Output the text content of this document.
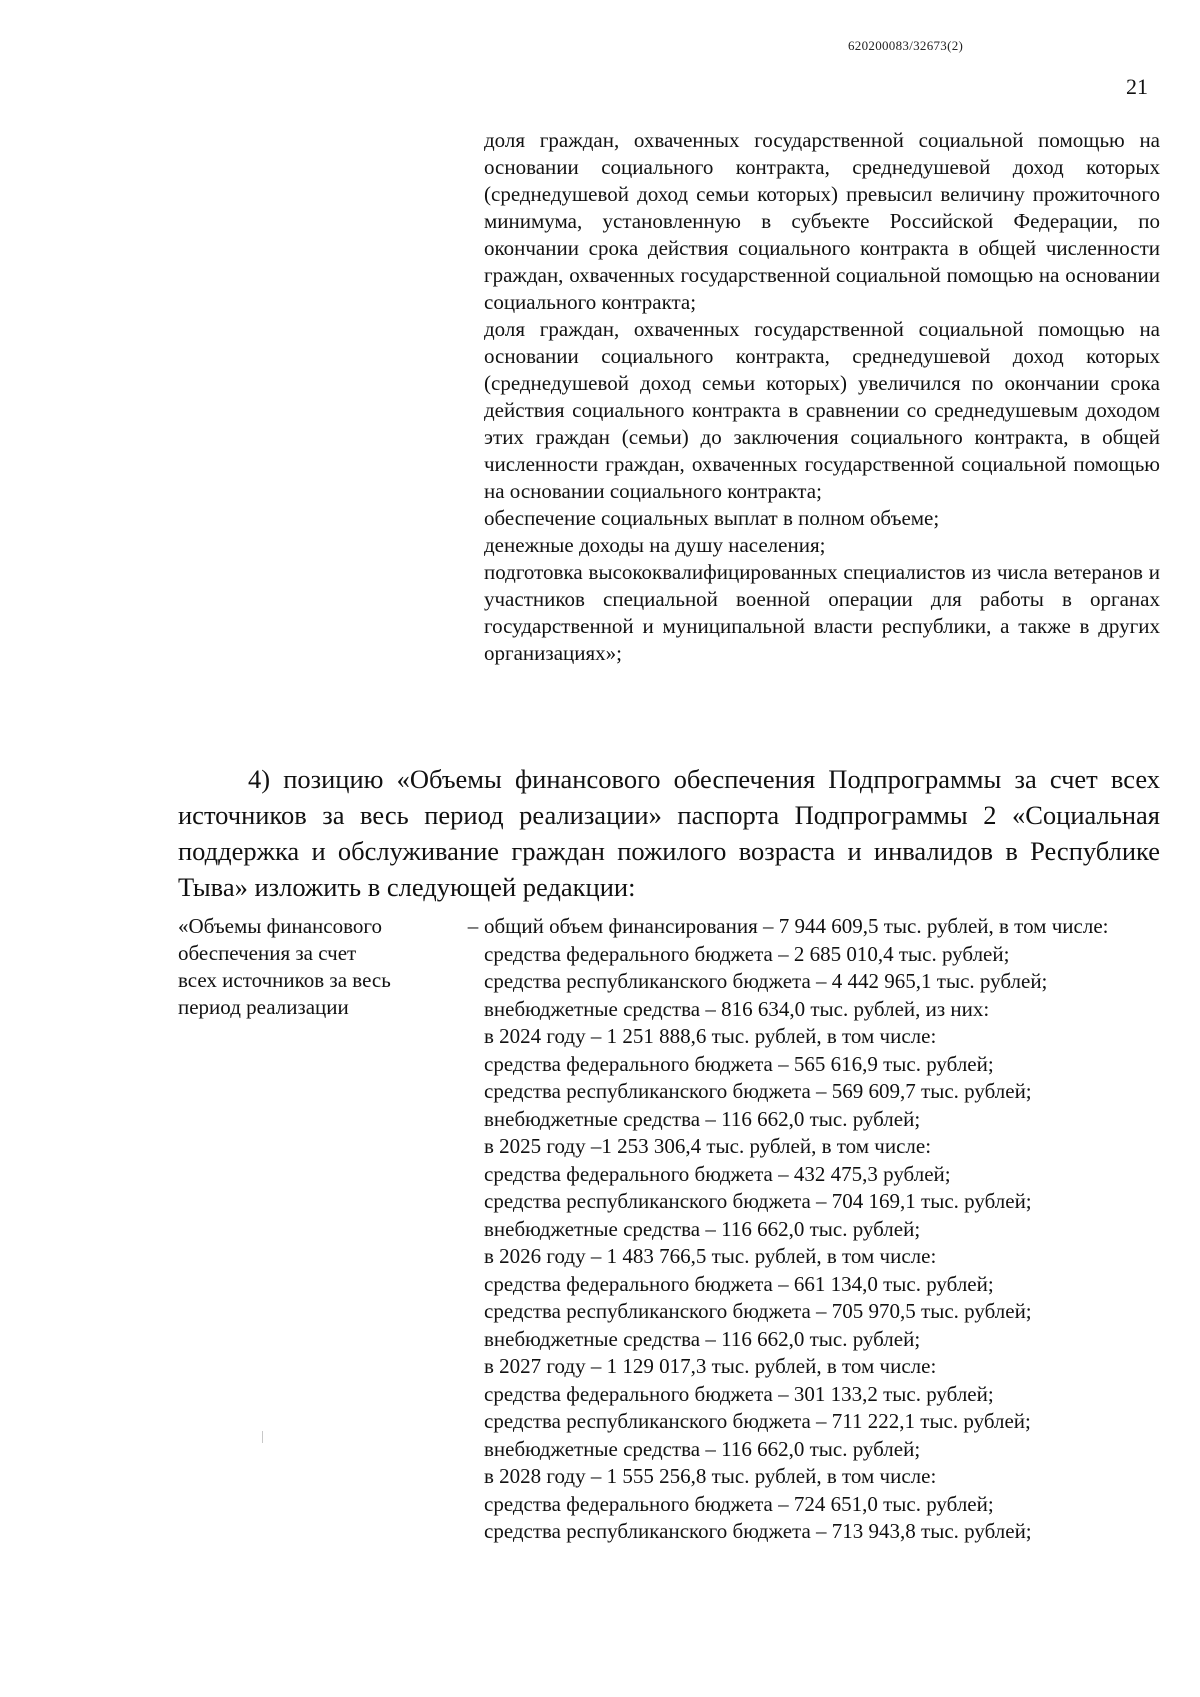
620200083/32673(2)
21

доля граждан, охваченных государственной социальной помощью на основании социального контракта, среднедушевой доход которых (среднедушевой доход семьи которых) превысил величину прожиточного минимума, установленную в субъекте Российской Федерации, по окончании срока действия социального контракта в общей численности граждан, охваченных государственной социальной помощью на основании социального контракта;

доля граждан, охваченных государственной социальной помощью на основании социального контракта, среднедушевой доход которых (среднедушевой доход семьи которых) увеличился по окончании срока действия социального контракта в сравнении со среднедушевым доходом этих граждан (семьи) до заключения социального контракта, в общей численности граждан, охваченных государственной социальной помощью на основании социального контракта;

обеспечение социальных выплат в полном объеме;

денежные доходы на душу населения;

подготовка высококвалифицированных специалистов из числа ветеранов и участников специальной военной операции для работы в органах государственной и муниципальной власти республики, а также в других организациях»;

4) позицию «Объемы финансового обеспечения Подпрограммы за счет всех источников за весь период реализации» паспорта Подпрограммы 2 «Социальная поддержка и обслуживание граждан пожилого возраста и инвалидов в Республике Тыва» изложить в следующей редакции:

«Объемы финансового
обеспечения за счет
всех источников за весь
период реализации
– общий объем финансирования – 7 944 609,5 тыс. рублей, в том числе:

средства федерального бюджета – 2 685 010,4 тыс. рублей;

средства республиканского бюджета – 4 442 965,1 тыс. рублей;

внебюджетные средства – 816 634,0 тыс. рублей, из них:

в 2024 году – 1 251 888,6 тыс. рублей, в том числе:

средства федерального бюджета – 565 616,9 тыс. рублей;

средства республиканского бюджета – 569 609,7 тыс. рублей;

внебюджетные средства – 116 662,0 тыс. рублей;

в 2025 году –1 253 306,4 тыс. рублей, в том числе:

средства федерального бюджета – 432 475,3 рублей;

средства республиканского бюджета – 704 169,1 тыс. рублей;

внебюджетные средства – 116 662,0 тыс. рублей;

в 2026 году – 1 483 766,5 тыс. рублей, в том числе:

средства федерального бюджета – 661 134,0 тыс. рублей;

средства республиканского бюджета – 705 970,5 тыс. рублей;

внебюджетные средства – 116 662,0 тыс. рублей;

в 2027 году – 1 129 017,3 тыс. рублей, в том числе:

средства федерального бюджета – 301 133,2 тыс. рублей;

средства республиканского бюджета – 711 222,1 тыс. рублей;

внебюджетные средства – 116 662,0 тыс. рублей;

в 2028 году – 1 555 256,8 тыс. рублей, в том числе:

средства федерального бюджета – 724 651,0 тыс. рублей;

средства республиканского бюджета – 713 943,8 тыс. рублей;
